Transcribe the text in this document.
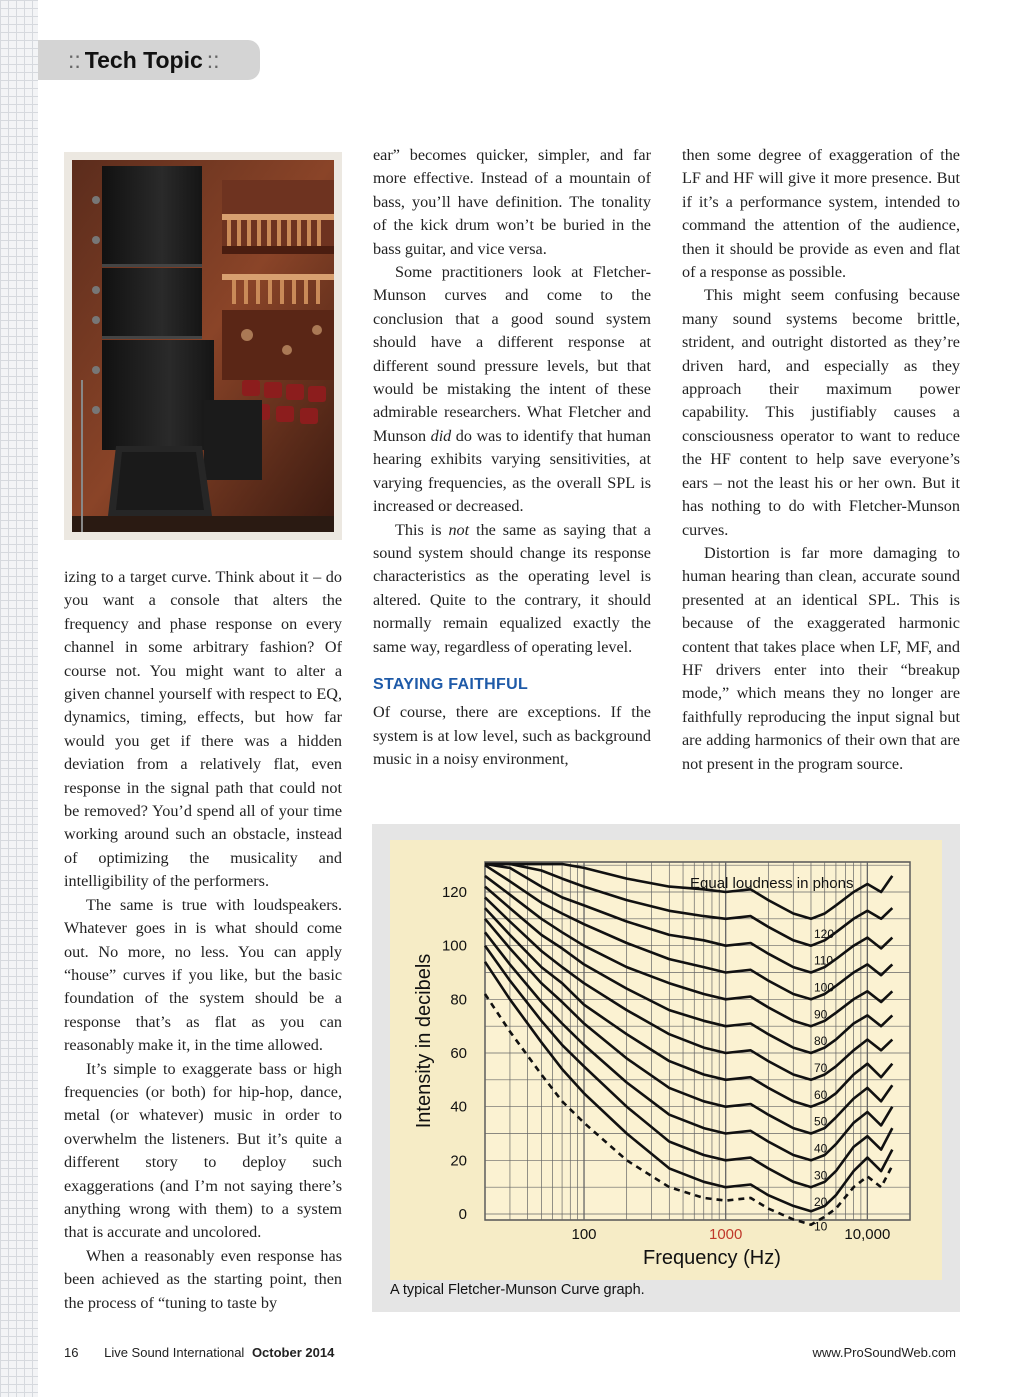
:: Tech Topic ::

izing to a target curve. Think about it – do you want a console that alters the frequency and phase response on every channel in some arbitrary fashion? Of course not. You might want to alter a given channel yourself with respect to EQ, dynamics, timing, effects, but how far would you get if there was a hidden deviation from a relatively flat, even response in the signal path that could not be removed? You’d spend all of your time working around such an obstacle, instead of optimizing the musicality and intelligibility of the performers.

The same is true with loudspeakers. Whatever goes in is what should come out. No more, no less. You can apply “house” curves if you like, but the basic foundation of the system should be a response that’s as flat as you can reasonably make it, in the time allowed.

It’s simple to exaggerate bass or high frequencies (or both) for hip-hop, dance, metal (or whatever) music in order to overwhelm the listeners. But it’s quite a different story to deploy such exaggerations (and I’m not saying there’s anything wrong with them) to a system that is accurate and uncolored.

When a reasonably even response has been achieved as the starting point, then the process of “tuning to taste by

ear” becomes quicker, simpler, and far more effective. Instead of a mountain of bass, you’ll have definition. The tonality of the kick drum won’t be buried in the bass guitar, and vice versa.

Some practitioners look at Fletcher-Munson curves and come to the conclusion that a good sound system should have a different response at different sound pressure levels, but that would be mistaking the intent of these admirable researchers. What Fletcher and Munson did do was to identify that human hearing exhibits varying sensitivities, at varying frequencies, as the overall SPL is increased or decreased.

This is not the same as saying that a sound system should change its response characteristics as the operating level is altered. Quite to the contrary, it should normally remain equalized exactly the same way, regardless of operating level.

STAYING FAITHFUL

Of course, there are exceptions. If the system is at low level, such as background music in a noisy environment,

then some degree of exaggeration of the LF and HF will give it more presence. But if it’s a performance system, intended to command the attention of the audience, then it should be provide as even and flat of a response as possible.

This might seem confusing because many sound systems become brittle, strident, and outright distorted as they’re driven hard, and especially as they approach their maximum power capability. This justifiably causes a consciousness operator to want to reduce the HF content to help save everyone’s ears – not the least his or her own. But it has nothing to do with Fletcher-Munson curves.

Distortion is far more damaging to human hearing than clean, accurate sound presented at an identical SPL. This is because of the exaggerated harmonic content that takes place when LF, MF, and HF drivers enter into their “breakup mode,” which means they no longer are faithfully reproducing the input signal but are adding harmonics of their own that are not present in the program source.

10
20
30
40
50
60
70
80
90
100
110
120
Equal loudness in phons
0
20
40
60
80
100
120
100	1000	10,000
Frequency (Hz)
Intensity in decibels
A typical Fletcher-Munson Curve graph.
16 Live Sound International October 2014	www.ProSoundWeb.com
